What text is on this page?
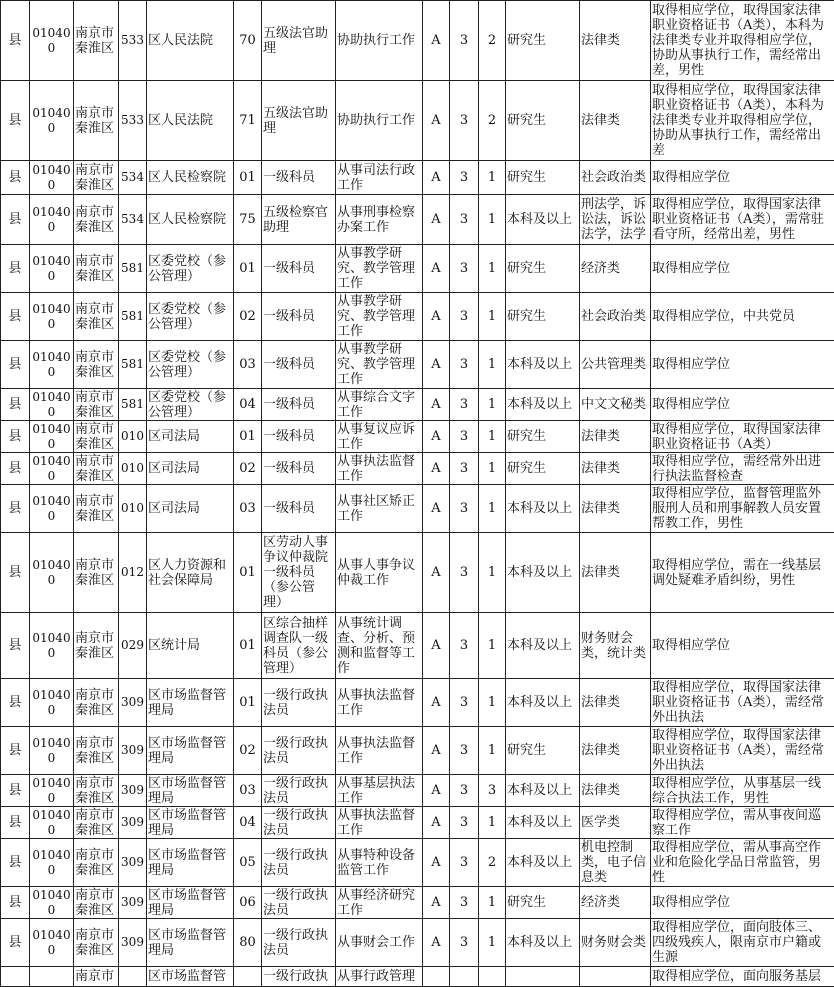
县	010400	南京市秦淮区	533	区人民法院	70	五级法官助理	协助执行工作	A	3	2	研究生	法律类	取得相应学位，取得国家法律职业资格证书（A类），本科为法律类专业并取得相应学位，协助从事执行工作，需经常出差，男性
县	010400	南京市秦淮区	533	区人民法院	71	五级法官助理	协助执行工作	A	3	2	研究生	法律类	取得相应学位，取得国家法律职业资格证书（A类），本科为法律类专业并取得相应学位，协助从事执行工作，需经常出差
县	010400	南京市秦淮区	534	区人民检察院	01	一级科员	从事司法行政工作	A	3	1	研究生	社会政治类	取得相应学位
县	010400	南京市秦淮区	534	区人民检察院	75	五级检察官助理	从事刑事检察办案工作	A	3	1	本科及以上	刑法学，诉讼法，诉讼法学，法学	取得相应学位，取得国家法律职业资格证书（A类），需常驻看守所，经常出差，男性
县	010400	南京市秦淮区	581	区委党校（参公管理）	01	一级科员	从事教学研究、教学管理工作	A	3	1	研究生	经济类	取得相应学位
县	010400	南京市秦淮区	581	区委党校（参公管理）	02	一级科员	从事教学研究、教学管理工作	A	3	1	研究生	社会政治类	取得相应学位，中共党员
县	010400	南京市秦淮区	581	区委党校（参公管理）	03	一级科员	从事教学研究、教学管理工作	A	3	1	本科及以上	公共管理类	取得相应学位
县	010400	南京市秦淮区	581	区委党校（参公管理）	04	一级科员	从事综合文字工作	A	3	1	本科及以上	中文文秘类	取得相应学位
县	010400	南京市秦淮区	010	区司法局	01	一级科员	从事复议应诉工作	A	3	1	研究生	法律类	取得相应学位，取得国家法律职业资格证书（A类）
县	010400	南京市秦淮区	010	区司法局	02	一级科员	从事执法监督工作	A	3	1	研究生	法律类	取得相应学位，需经常外出进行执法监督检查
县	010400	南京市秦淮区	010	区司法局	03	一级科员	从事社区矫正工作	A	3	1	本科及以上	法律类	取得相应学位，监督管理监外服刑人员和刑事解教人员安置帮教工作，男性
县	010400	南京市秦淮区	012	区人力资源和社会保障局	01	区劳动人事争议仲裁院一级科员（参公管理）	从事人事争议仲裁工作	A	3	1	本科及以上	法律类	取得相应学位，需在一线基层调处疑难矛盾纠纷，男性
县	010400	南京市秦淮区	029	区统计局	01	区综合抽样调查队一级科员（参公管理）	从事统计调查、分析、预测和监督等工作	A	3	1	本科及以上	财务财会类，统计类	取得相应学位
县	010400	南京市秦淮区	309	区市场监督管理局	01	一级行政执法员	从事执法监督工作	A	3	1	本科及以上	法律类	取得相应学位，取得国家法律职业资格证书（A类），需经常外出执法
县	010400	南京市秦淮区	309	区市场监督管理局	02	一级行政执法员	从事执法监督工作	A	3	1	研究生	法律类	取得相应学位，取得国家法律职业资格证书（A类），需经常外出执法
县	010400	南京市秦淮区	309	区市场监督管理局	03	一级行政执法员	从事基层执法工作	A	3	3	本科及以上	法律类	取得相应学位，从事基层一线综合执法工作，男性
县	010400	南京市秦淮区	309	区市场监督管理局	04	一级行政执法员	从事执法监督工作	A	3	1	本科及以上	医学类	取得相应学位，需从事夜间巡察工作
县	010400	南京市秦淮区	309	区市场监督管理局	05	一级行政执法员	从事特种设备监管工作	A	3	2	本科及以上	机电控制类，电子信息类	取得相应学位，需从事高空作业和危险化学品日常监管，男性
县	010400	南京市秦淮区	309	区市场监督管理局	06	一级行政执法员	从事经济研究工作	A	3	1	研究生	经济类	取得相应学位
县	010400	南京市秦淮区	309	区市场监督管理局	80	一级行政执法员	从事财会工作	A	3	1	本科及以上	财务财会类	取得相应学位，面向肢体三、四级残疾人，限南京市户籍或生源
		南京市		区市场监督管		一级行政执	从事行政管理						取得相应学位，面向服务基层
